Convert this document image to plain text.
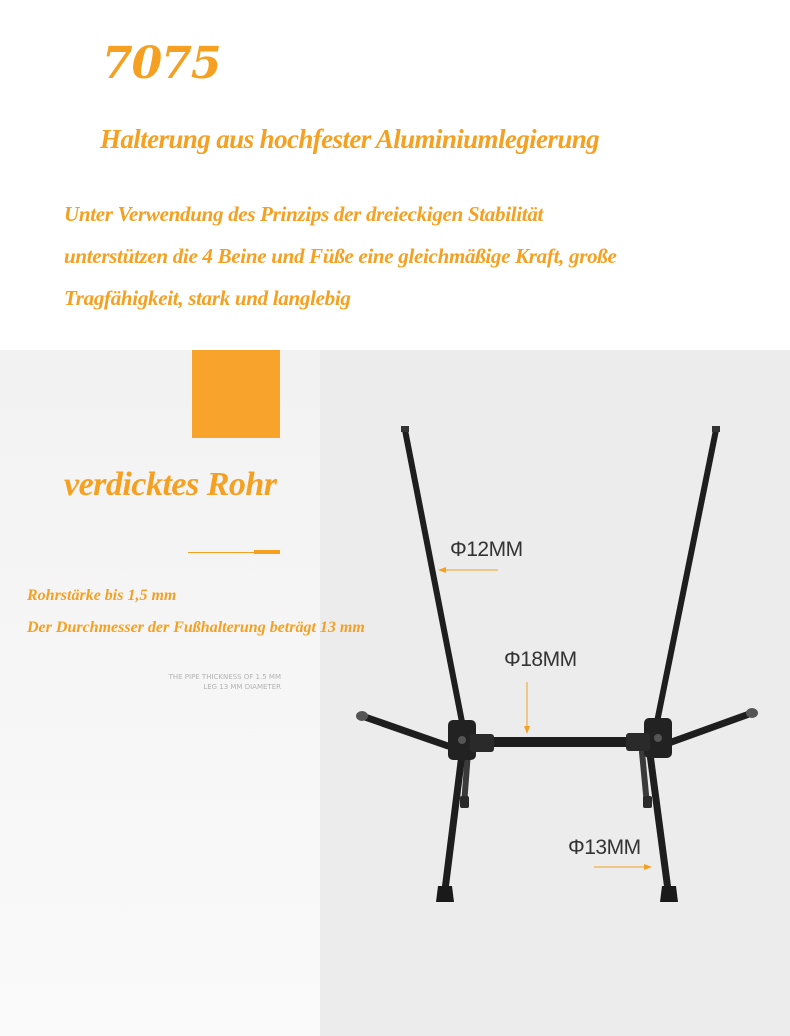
7075
Halterung aus hochfester Aluminiumlegierung

Unter Verwendung des Prinzips der dreieckigen Stabilität
unterstützen die 4 Beine und Füße eine gleichmäßige Kraft, große
Tragfähigkeit, stark und langlebig

verdicktes Rohr

Rohrstärke bis 1,5 mm

Der Durchmesser der Fußhalterung beträgt 13 mm

THE PIPE THICKNESS OF 1.5 MM
LEG 13 MM DIAMETER
Φ12MM
Φ18MM
Φ13MM
